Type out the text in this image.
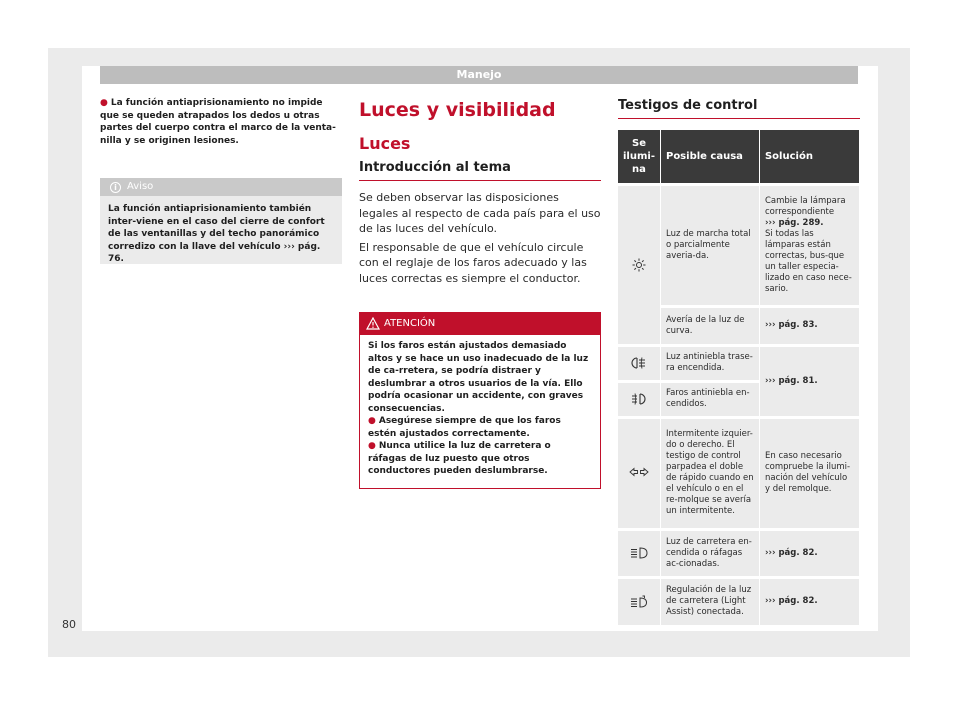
Manejo

● La función antiaprisionamiento no impide que se queden atrapados los dedos u otras partes del cuerpo contra el marco de la venta-nilla y se originen lesiones.

i Aviso
La función antiaprisionamiento también inter-viene en el caso del cierre de confort de las ventanillas y del techo panorámico corredizo con la llave del vehículo ››› pág. 76.
Luces y visibilidad
Luces
Introducción al tema

Se deben observar las disposiciones legales al respecto de cada país para el uso de las luces del vehículo.

El responsable de que el vehículo circule con el reglaje de los faros adecuado y las luces correctas es siempre el conductor.

ATENCIÓN

Si los faros están ajustados demasiado altos y se hace un uso inadecuado de la luz de ca-rretera, se podría distraer y deslumbrar a otros usuarios de la vía. Ello podría ocasionar un accidente, con graves consecuencias.

● Asegúrese siempre de que los faros estén ajustados correctamente.

● Nunca utilice la luz de carretera o ráfagas de luz puesto que otros conductores pueden deslumbrarse.

Testigos de control
Se ilumi-na	Posible causa	Solución
	Luz de marcha total o parcialmente averia-da.	Cambie la lámpara correspondiente
››› pág. 289.
Si todas las lámparas están correctas, bus-que un taller especia-lizado en caso nece-sario.
	Avería de la luz de curva.	››› pág. 83.
	Luz antiniebla trase-ra encendida.	››› pág. 81.
	Faros antiniebla en-cendidos.	
	Intermitente izquier-do o derecho. El testigo de control parpadea el doble de rápido cuando en el vehículo o en el re-molque se avería un intermitente.	En caso necesario compruebe la ilumi-nación del vehículo y del remolque.
	Luz de carretera en-cendida o ráfagas ac-cionadas.	››› pág. 82.
	Regulación de la luz de carretera (Light Assist) conectada.	››› pág. 82.
80
